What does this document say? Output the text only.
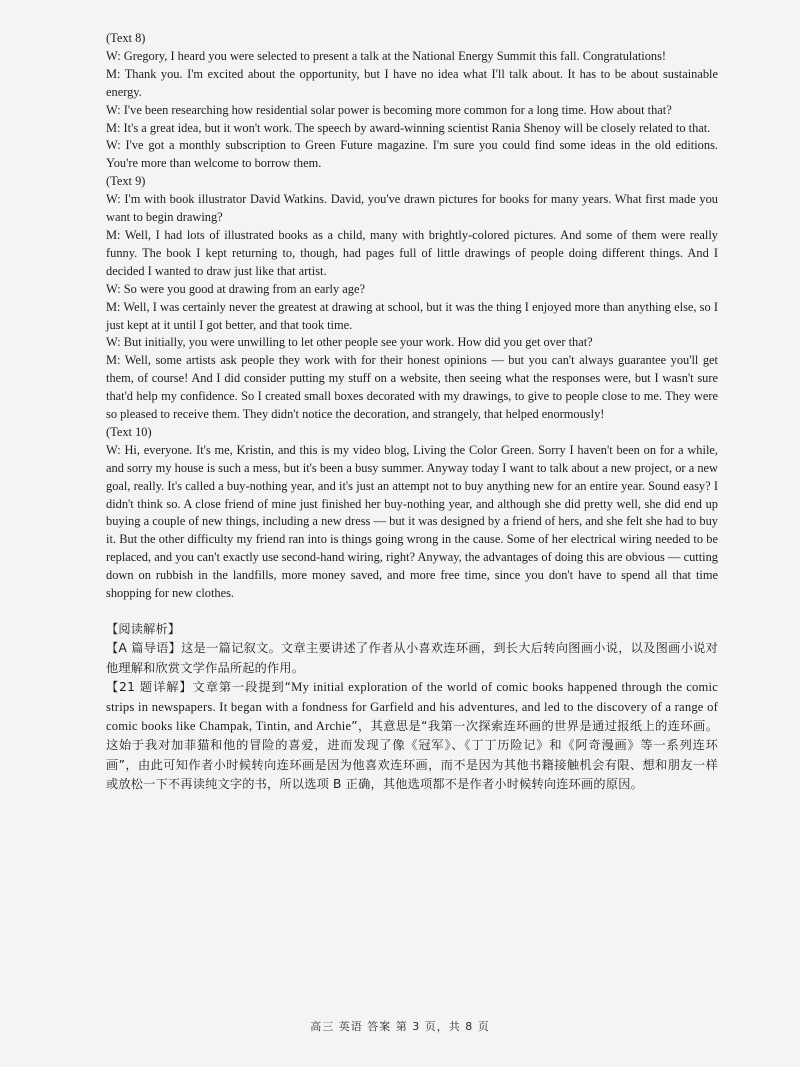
(Text 8)

W: Gregory, I heard you were selected to present a talk at the National Energy Summit this fall. Congratulations!

M: Thank you. I'm excited about the opportunity, but I have no idea what I'll talk about. It has to be about sustainable energy.

W: I've been researching how residential solar power is becoming more common for a long time. How about that?

M: It's a great idea, but it won't work. The speech by award-winning scientist Rania Shenoy will be closely related to that.

W: I've got a monthly subscription to Green Future magazine. I'm sure you could find some ideas in the old editions. You're more than welcome to borrow them.

(Text 9)

W: I'm with book illustrator David Watkins. David, you've drawn pictures for books for many years. What first made you want to begin drawing?

M: Well, I had lots of illustrated books as a child, many with brightly-colored pictures. And some of them were really funny. The book I kept returning to, though, had pages full of little drawings of people doing different things. And I decided I wanted to draw just like that artist.

W: So were you good at drawing from an early age?

M: Well, I was certainly never the greatest at drawing at school, but it was the thing I enjoyed more than anything else, so I just kept at it until I got better, and that took time.

W: But initially, you were unwilling to let other people see your work. How did you get over that?

M: Well, some artists ask people they work with for their honest opinions — but you can't always guarantee you'll get them, of course! And I did consider putting my stuff on a website, then seeing what the responses were, but I wasn't sure that'd help my confidence. So I created small boxes decorated with my drawings, to give to people close to me. They were so pleased to receive them. They didn't notice the decoration, and strangely, that helped enormously!

(Text 10)

W: Hi, everyone. It's me, Kristin, and this is my video blog, Living the Color Green. Sorry I haven't been on for a while, and sorry my house is such a mess, but it's been a busy summer. Anyway today I want to talk about a new project, or a new goal, really. It's called a buy-nothing year, and it's just an attempt not to buy anything new for an entire year. Sound easy? I didn't think so. A close friend of mine just finished her buy-nothing year, and although she did pretty well, she did end up buying a couple of new things, including a new dress — but it was designed by a friend of hers, and she felt she had to buy it. But the other difficulty my friend ran into is things going wrong in the cause. Some of her electrical wiring needed to be replaced, and you can't exactly use second-hand wiring, right? Anyway, the advantages of doing this are obvious — cutting down on rubbish in the landfills, more money saved, and more free time, since you don't have to spend all that time shopping for new clothes.

【阅读解析】

【A 篇导语】这是一篇记叙文。文章主要讲述了作者从小喜欢连环画，到长大后转向图画小说，以及图画小说对他理解和欣赏文学作品所起的作用。

【21 题详解】文章第一段提到“My initial exploration of the world of comic books happened through the comic strips in newspapers. It began with a fondness for Garfield and his adventures, and led to the discovery of a range of comic books like Champak, Tintin, and Archie”，其意思是“我第一次探索连环画的世界是通过报纸上的连环画。这始于我对加菲猫和他的冒险的喜爱，进而发现了像《冠军》、《丁丁历险记》和《阿奇漫画》等一系列连环画”，由此可知作者小时候转向连环画是因为他喜欢连环画，而不是因为其他书籍接触机会有限、想和朋友一样或放松一下不再读纯文字的书，所以选项 B 正确，其他选项都不是作者小时候转向连环画的原因。

高三 英语 答案 第 3 页，共 8 页
